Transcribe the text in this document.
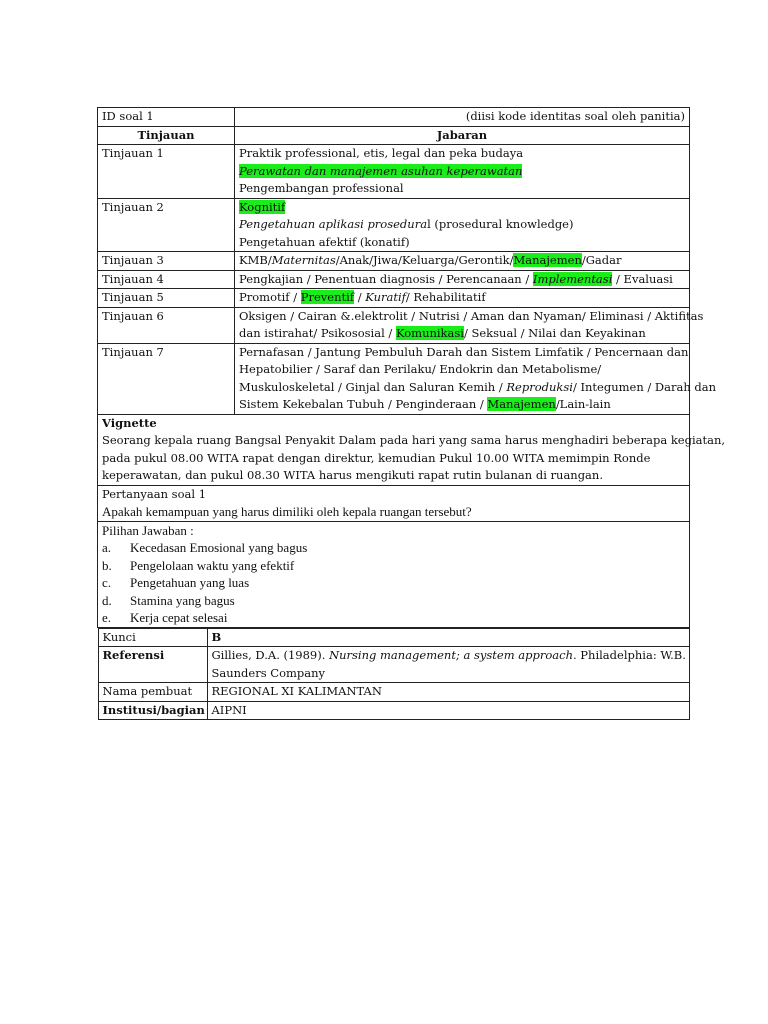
ID soal 1	(diisi kode identitas soal oleh panitia)
Tinjauan	Jabaran
Tinjauan 1	Praktik professional, etis, legal dan peka budaya
Perawatan dan manajemen asuhan keperawatan
Pengembangan professional

Tinjauan 2	Kognitif
Pengetahuan aplikasi prosedural (prosedural knowledge)
Pengetahuan afektif (konatif)

Tinjauan 3	KMB/Maternitas/Anak/Jiwa/Keluarga/Gerontik/Manajemen/Gadar

Tinjauan 4	Pengkajian / Penentuan diagnosis / Perencanaan / Implementasi / Evaluasi

Tinjauan 5	Promotif / Preventif / Kuratif/ Rehabilitatif

Tinjauan 6	Oksigen / Cairan &.elektrolit / Nutrisi / Aman dan Nyaman/ Eliminasi / Aktifitas
dan istirahat/ Psikososial / Komunikasi/ Seksual / Nilai dan Keyakinan

Tinjauan 7	Pernafasan / Jantung Pembuluh Darah dan Sistem Limfatik / Pencernaan dan
Hepatobilier / Saraf dan Perilaku/ Endokrin dan Metabolisme/
Muskuloskeletal / Ginjal dan Saluran Kemih / Reproduksi/ Integumen / Darah dan
Sistem Kekebalan Tubuh / Penginderaan / Manajemen/Lain-lain

Vignette
Seorang kepala ruang Bangsal Penyakit Dalam pada hari yang sama harus menghadiri beberapa kegiatan,
pada pukul 08.00 WITA rapat dengan direktur, kemudian Pukul 10.00 WITA memimpin Ronde
keperawatan, dan pukul 08.30 WITA harus mengikuti rapat rutin bulanan di ruangan.

Pertanyaan soal 1
Apakah kemampuan yang harus dimiliki oleh kepala ruangan tersebut?

Pilihan Jawaban :
a.	Kecedasan Emosional yang bagus
b.	Pengelolaan waktu yang efektif
c.	Pengetahuan yang luas
d.	Stamina yang bagus
e.	Kerja cepat selesai

Kunci	B
Referensi	Gillies, D.A. (1989). Nursing management; a system approach. Philadelphia: W.B.
Saunders Company

Nama pembuat	REGIONAL XI KALIMANTAN
Institusi/bagian	AIPNI
